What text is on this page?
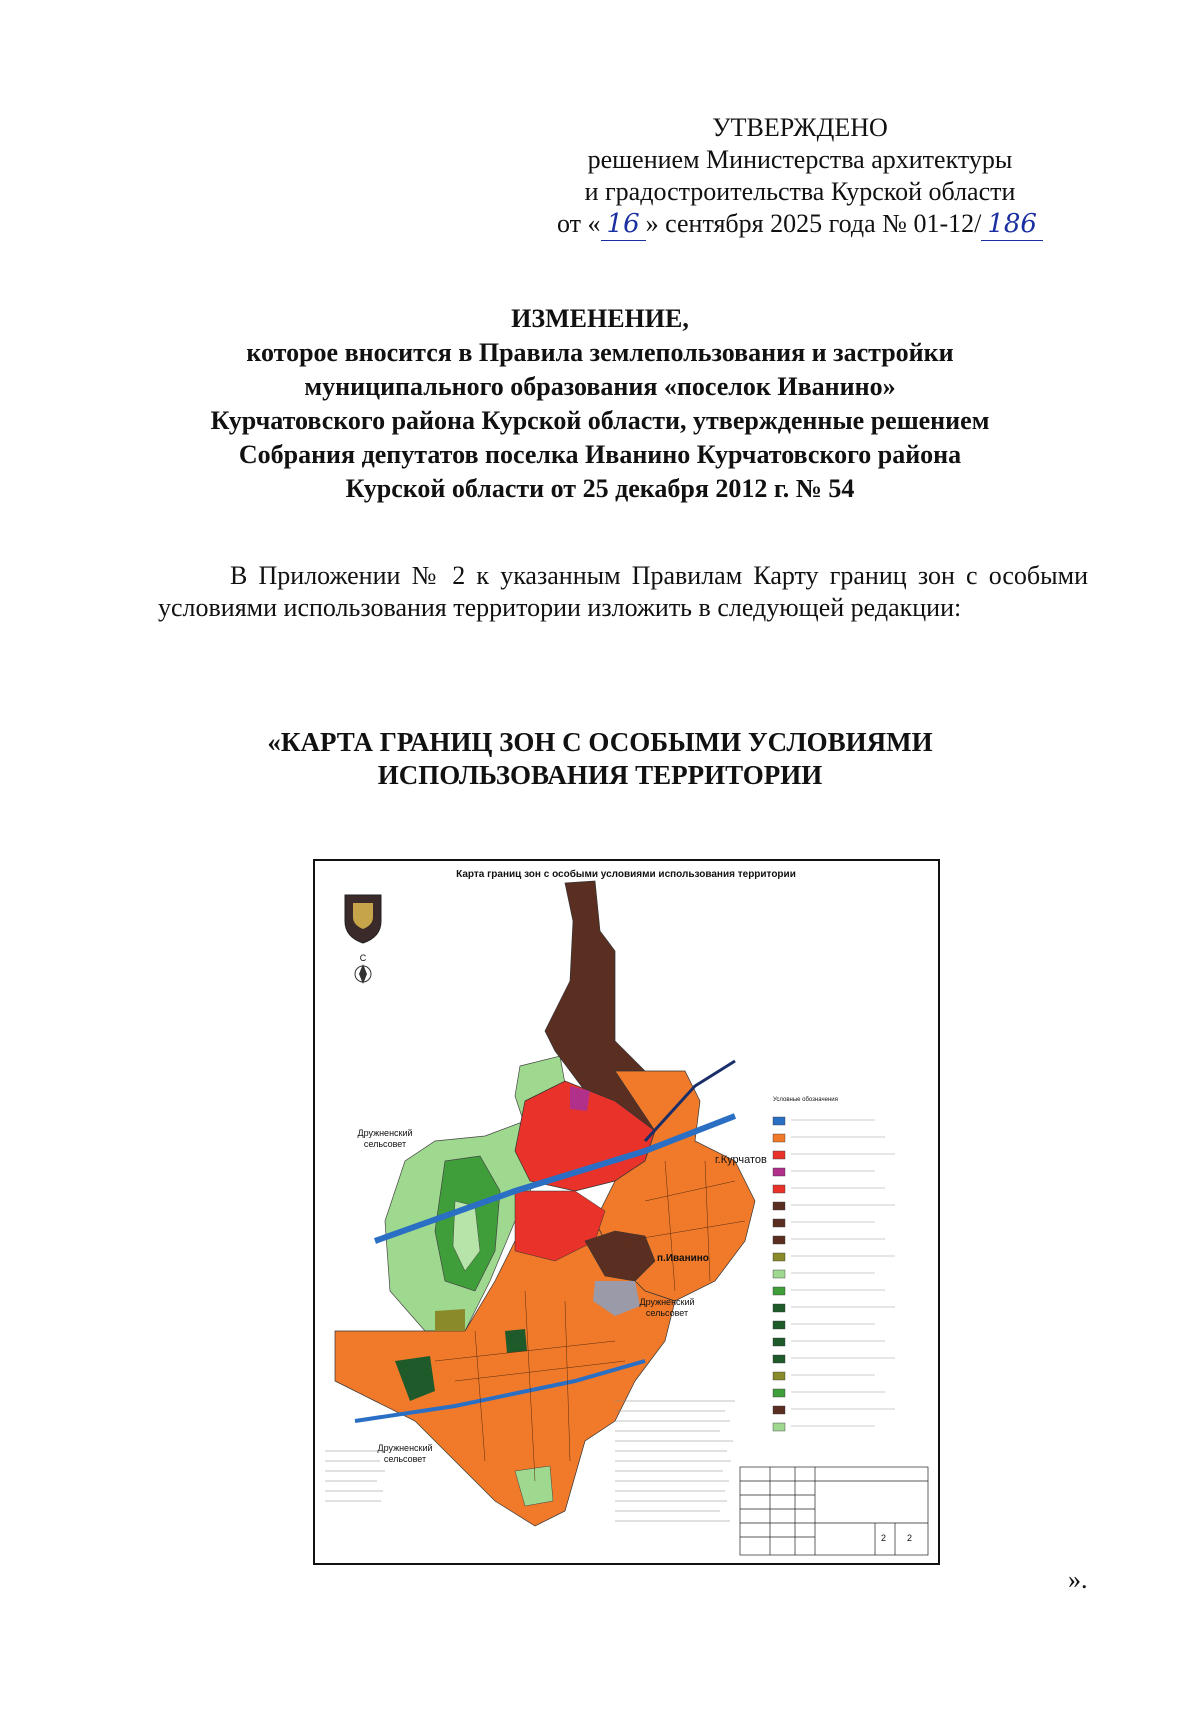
УТВЕРЖДЕНО
решением Министерства архитектуры
и градостроительства Курской области
от « 16 » сентября 2025 года № 01-12/ 186
ИЗМЕНЕНИЕ,
которое вносится в Правила землепользования и застройки
муниципального образования «поселок Иванино»
Курчатовского района Курской области, утвержденные решением
Собрания депутатов поселка Иванино Курчатовского района
Курской области от 25 декабря 2012 г. № 54
В Приложении № 2 к указанным Правилам Карту границ зон с особыми условиями использования территории изложить в следующей редакции:
«КАРТА ГРАНИЦ ЗОН С ОСОБЫМИ УСЛОВИЯМИ
ИСПОЛЬЗОВАНИЯ ТЕРРИТОРИИ
Карта границ зон с особыми условиями использования территории
С
Дружненский
сельсовет
г.Курчатов
п.Иванино
Дружненский
сельсовет
Дружненский
сельсовет
Условные обозначения
2 2
».
